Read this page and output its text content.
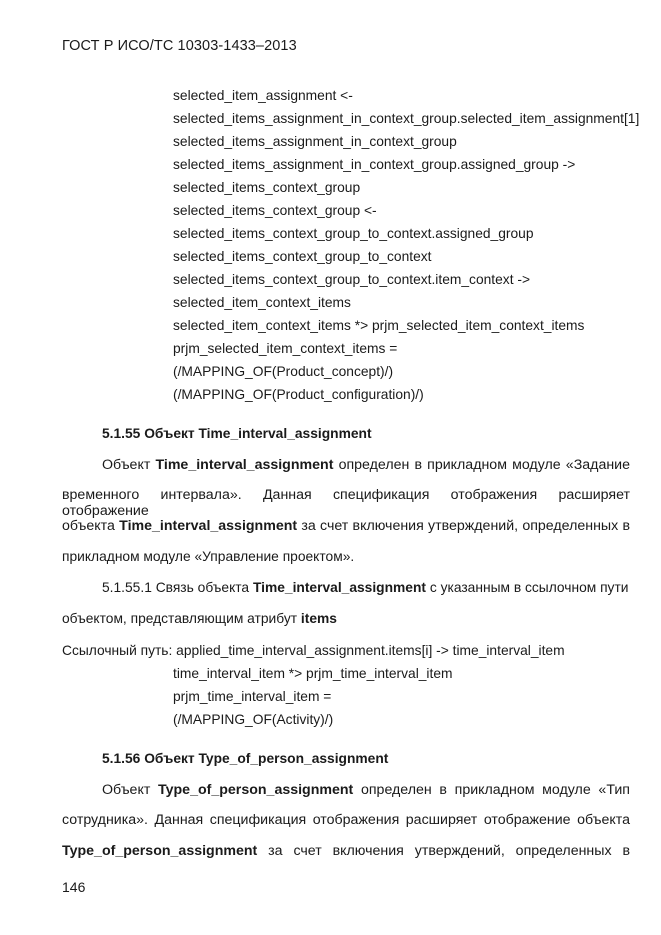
ГОСТ Р ИСО/ТС 10303-1433–2013
selected_item_assignment <-
selected_items_assignment_in_context_group.selected_item_assignment[1]
selected_items_assignment_in_context_group
selected_items_assignment_in_context_group.assigned_group ->
selected_items_context_group
selected_items_context_group <-
selected_items_context_group_to_context.assigned_group
selected_items_context_group_to_context
selected_items_context_group_to_context.item_context ->
selected_item_context_items
selected_item_context_items *> prjm_selected_item_context_items
prjm_selected_item_context_items =
(/MAPPING_OF(Product_concept)/)
(/MAPPING_OF(Product_configuration)/)
5.1.55 Объект Time_interval_assignment
Объект Time_interval_assignment определен в прикладном модуле «Задание
временного интервала». Данная спецификация отображения расширяет отображение
объекта Time_interval_assignment за счет включения утверждений, определенных в
прикладном модуле «Управление проектом».
5.1.55.1 Связь объекта Time_interval_assignment с указанным в ссылочном пути
объектом, представляющим атрибут items
Ссылочный путь: applied_time_interval_assignment.items[i] -> time_interval_item
time_interval_item *> prjm_time_interval_item
prjm_time_interval_item =
(/MAPPING_OF(Activity)/)
5.1.56 Объект Type_of_person_assignment
Объект Type_of_person_assignment определен в прикладном модуле «Тип
сотрудника». Данная спецификация отображения расширяет отображение объекта
Type_of_person_assignment за счет включения утверждений, определенных в
146
